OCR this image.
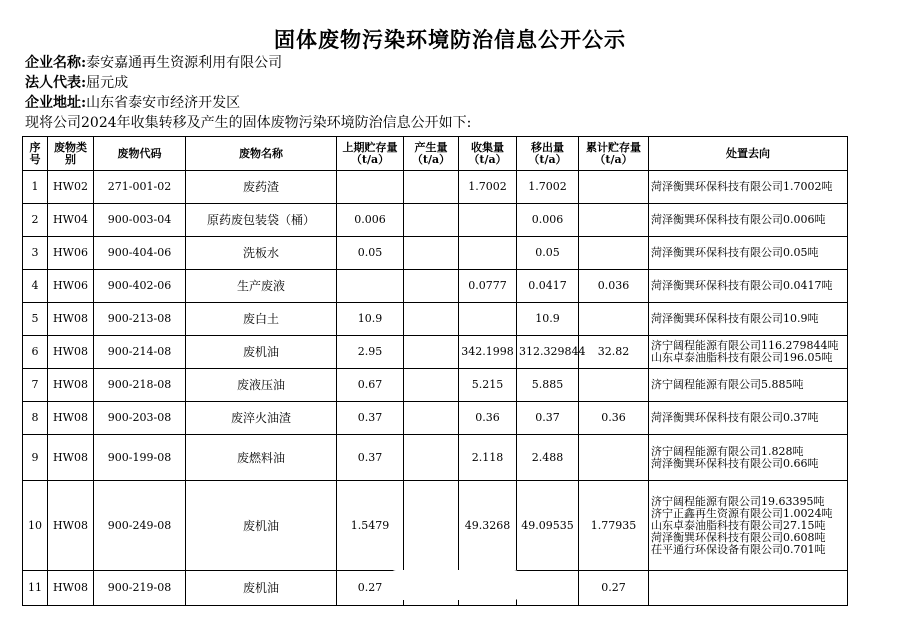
固体废物污染环境防治信息公开公示
企业名称:泰安嘉通再生资源利用有限公司
法人代表:屈元成
企业地址:山东省泰安市经济开发区
现将公司2024年收集转移及产生的固体废物污染环境防治信息公开如下:
序号	废物类别	废物代码	废物名称	上期贮存量（t/a）	产生量（t/a）	收集量（t/a）	移出量（t/a）	累计贮存量（t/a）	处置去向
1	HW02	271-001-02	废药渣			1.7002	1.7002		菏泽衡巽环保科技有限公司1.7002吨

2	HW04	900-003-04	原药废包装袋（桶）	0.006			0.006		菏泽衡巽环保科技有限公司0.006吨

3	HW06	900-404-06	洗板水	0.05			0.05		菏泽衡巽环保科技有限公司0.05吨

4	HW06	900-402-06	生产废液			0.0777	0.0417	0.036	菏泽衡巽环保科技有限公司0.0417吨

5	HW08	900-213-08	废白土	10.9			10.9		菏泽衡巽环保科技有限公司10.9吨

6	HW08	900-214-08	废机油	2.95		342.1998	312.329844	32.82	济宁阔程能源有限公司116.279844吨
山东卓泰油脂科技有限公司196.05吨

7	HW08	900-218-08	废液压油	0.67		5.215	5.885		济宁阔程能源有限公司5.885吨

8	HW08	900-203-08	废淬火油渣	0.37		0.36	0.37	0.36	菏泽衡巽环保科技有限公司0.37吨

9	HW08	900-199-08	废燃料油	0.37		2.118	2.488		济宁阔程能源有限公司1.828吨
菏泽衡巽环保科技有限公司0.66吨

10	HW08	900-249-08	废机油	1.5479		49.3268	49.09535	1.77935	济宁阔程能源有限公司19.63395吨
济宁正鑫再生资源有限公司1.0024吨
山东卓泰油脂科技有限公司27.15吨
菏泽衡巽环保科技有限公司0.608吨
茌平通行环保设备有限公司0.701吨

11	HW08	900-219-08	废机油	0.27				0.27	
